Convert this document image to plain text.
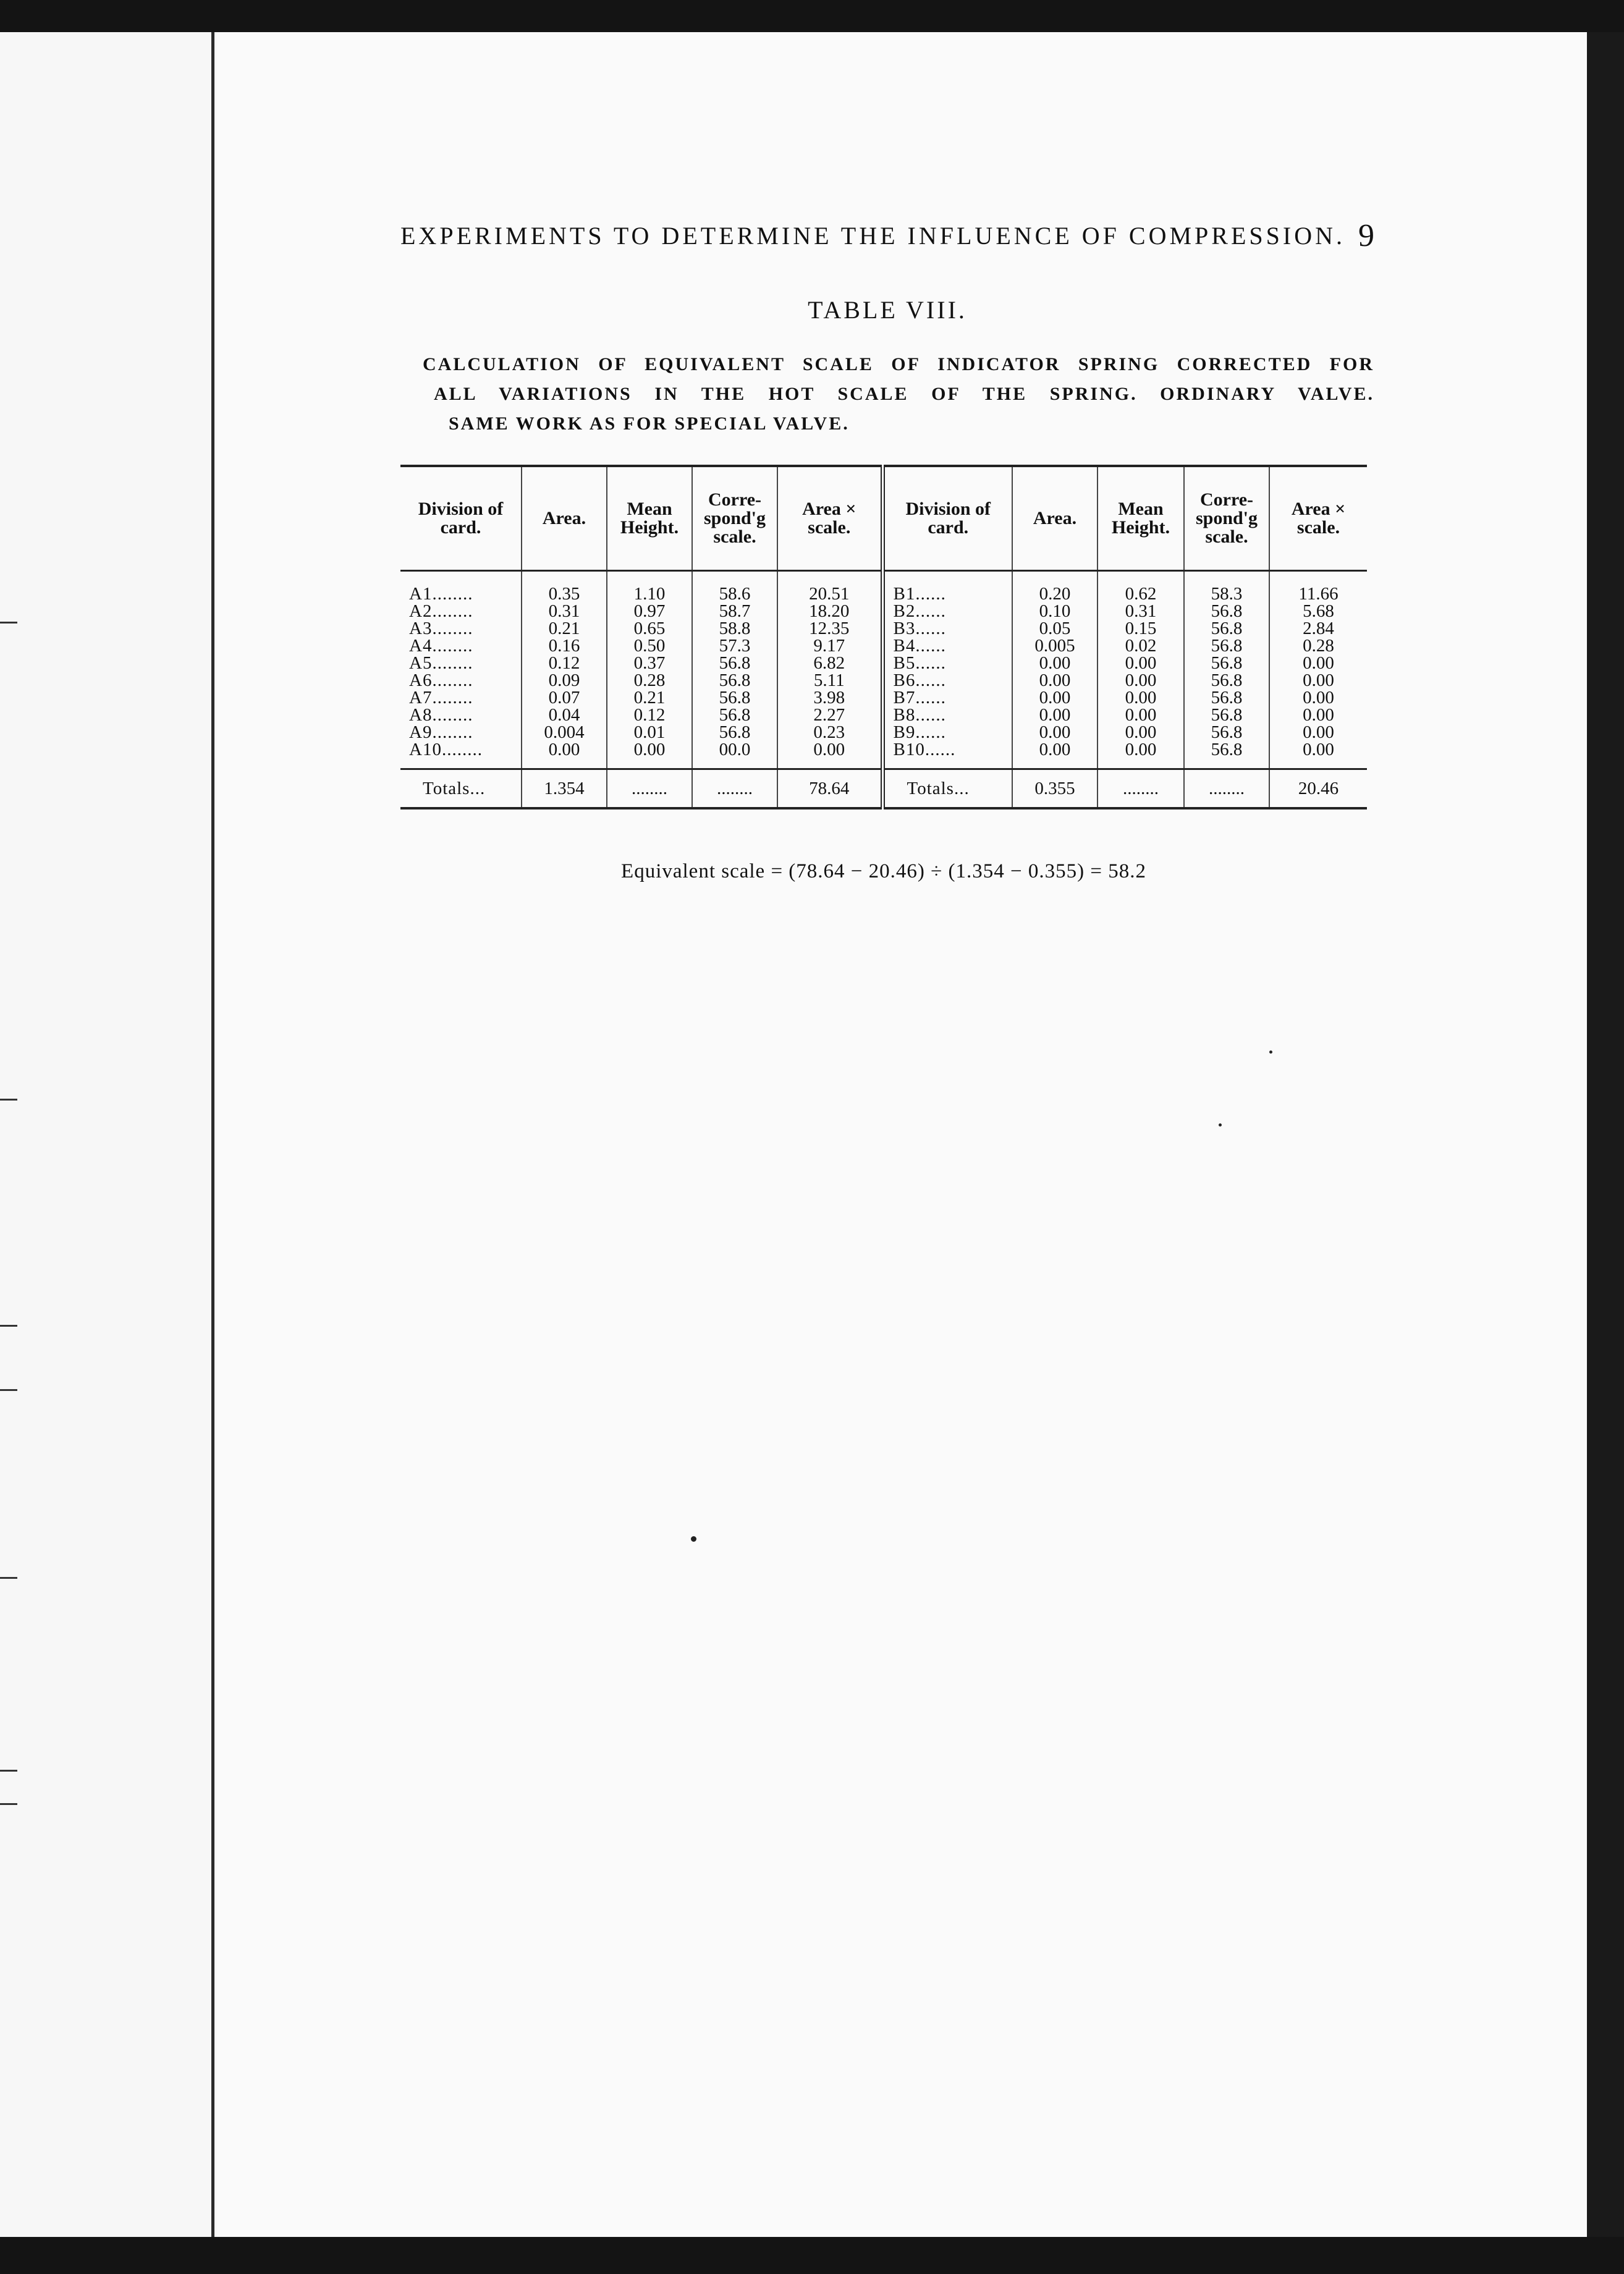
EXPERIMENTS TO DETERMINE THE INFLUENCE OF COMPRESSION. 9
TABLE VIII.
CALCULATION OF EQUIVALENT SCALE OF INDICATOR SPRING CORRECTED FOR
ALL VARIATIONS IN THE HOT SCALE OF THE SPRING. ORDINARY VALVE.
SAME WORK AS FOR SPECIAL VALVE.
Division of card.	Area.	Mean Height.	Corre-spond'g scale.	Area × scale.	Division of card.	Area.	Mean Height.	Corre-spond'g scale.	Area × scale.
A1........	0.35	1.10	58.6	20.51	B1......	0.20	0.62	58.3	11.66
A2........	0.31	0.97	58.7	18.20	B2......	0.10	0.31	56.8	5.68
A3........	0.21	0.65	58.8	12.35	B3......	0.05	0.15	56.8	2.84
A4........	0.16	0.50	57.3	9.17	B4......	0.005	0.02	56.8	0.28
A5........	0.12	0.37	56.8	6.82	B5......	0.00	0.00	56.8	0.00
A6........	0.09	0.28	56.8	5.11	B6......	0.00	0.00	56.8	0.00
A7........	0.07	0.21	56.8	3.98	B7......	0.00	0.00	56.8	0.00
A8........	0.04	0.12	56.8	2.27	B8......	0.00	0.00	56.8	0.00
A9........	0.004	0.01	56.8	0.23	B9......	0.00	0.00	56.8	0.00
A10........	0.00	0.00	00.0	0.00	B10......	0.00	0.00	56.8	0.00
Totals...	1.354	........	........	78.64	Totals...	0.355	........	........	20.46
Equivalent scale = (78.64 − 20.46) ÷ (1.354 − 0.355) = 58.2
